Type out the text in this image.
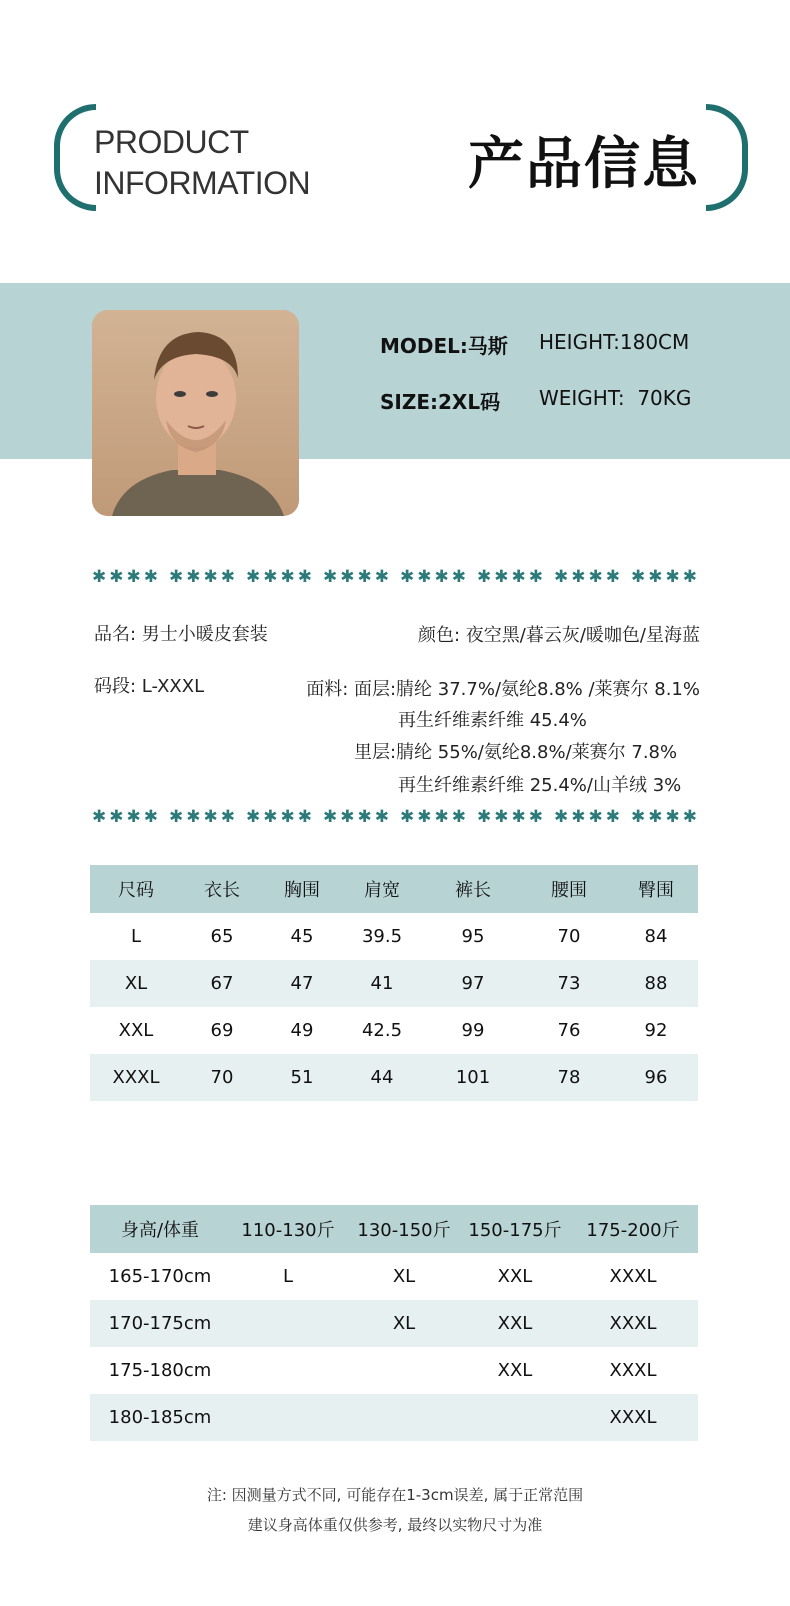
PRODUCT
INFORMATION	产品信息
MODEL:马斯 HEIGHT:180CM
SIZE:2XL码 WEIGHT:  70KG
✱✱✱✱ ✱✱✱✱ ✱✱✱✱ ✱✱✱✱ ✱✱✱✱ ✱✱✱✱ ✱✱✱✱ ✱✱✱✱
品名: 男士小暖皮套装	颜色: 夜空黑/暮云灰/暖咖色/星海蓝
码段: L-XXXL	面料: 面层:腈纶 37.7%/氨纶8.8% /莱赛尔 8.1%
再生纤维素纤维 45.4%
里层:腈纶 55%/氨纶8.8%/莱赛尔 7.8%
再生纤维素纤维 25.4%/山羊绒 3%
✱✱✱✱ ✱✱✱✱ ✱✱✱✱ ✱✱✱✱ ✱✱✱✱ ✱✱✱✱ ✱✱✱✱ ✱✱✱✱
尺码	衣长	胸围	肩宽	裤长	腰围	臀围
L	65	45	39.5	95	70	84
XL	67	47	41	97	73	88
XXL	69	49	42.5	99	76	92
XXXL	70	51	44	101	78	96
身高/体重	110-130斤	130-150斤	150-175斤	175-200斤
165-170cm	L	XL	XXL	XXXL
170-175cm		XL	XXL	XXXL
175-180cm			XXL	XXXL
180-185cm				XXXL
注: 因测量方式不同, 可能存在1-3cm误差, 属于正常范围
建议身高体重仅供参考, 最终以实物尺寸为准
